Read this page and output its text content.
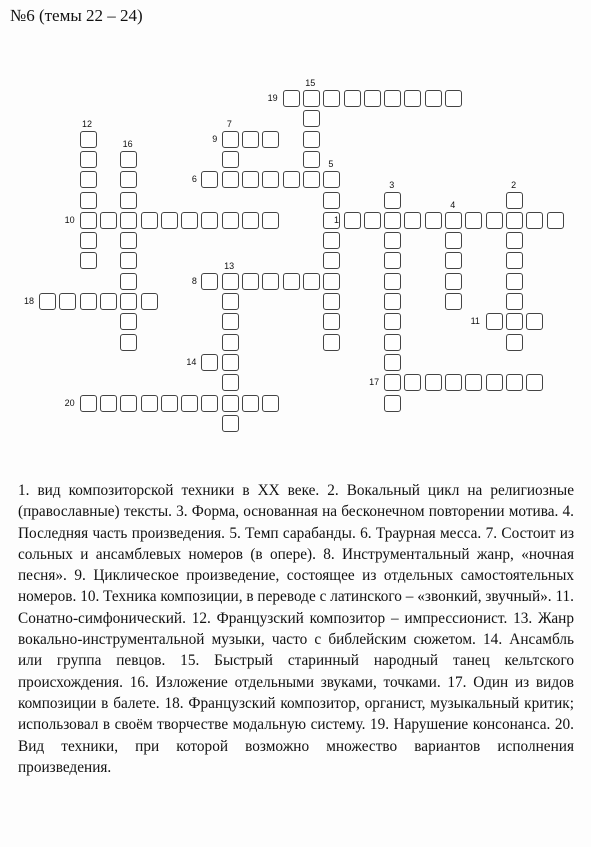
№6 (темы 22 – 24)
1
2
3
4
5
6
7
8
9
10
11
12
13
14
15
16
17
18
19
20

1. вид композиторской техники в XX веке. 2. Вокальный цикл на религиозные (православные) тексты. 3. Форма, основанная на бесконечном повторении мотива. 4. Последняя часть произведения. 5. Темп сарабанды. 6. Траурная месса. 7. Состоит из сольных и ансамблевых номеров (в опере). 8. Инструментальный жанр, «ночная песня». 9. Циклическое произведение, состоящее из отдельных самостоятельных номеров. 10. Техника композиции, в переводе с латинского – «звонкий, звучный». 11. Сонатно-симфонический. 12. Французский композитор – импрессионист. 13. Жанр вокально-инструментальной музыки, часто с библейским сюжетом. 14. Ансамбль или группа певцов. 15. Быстрый старинный народный танец кельтского происхождения. 16. Изложение отдельными звуками, точками. 17. Один из видов композиции в балете. 18. Французский композитор, органист, музыкальный критик; использовал в своём творчестве модальную систему. 19. Нарушение консонанса. 20. Вид техники, при которой возможно множество вариантов исполнения произведения.
